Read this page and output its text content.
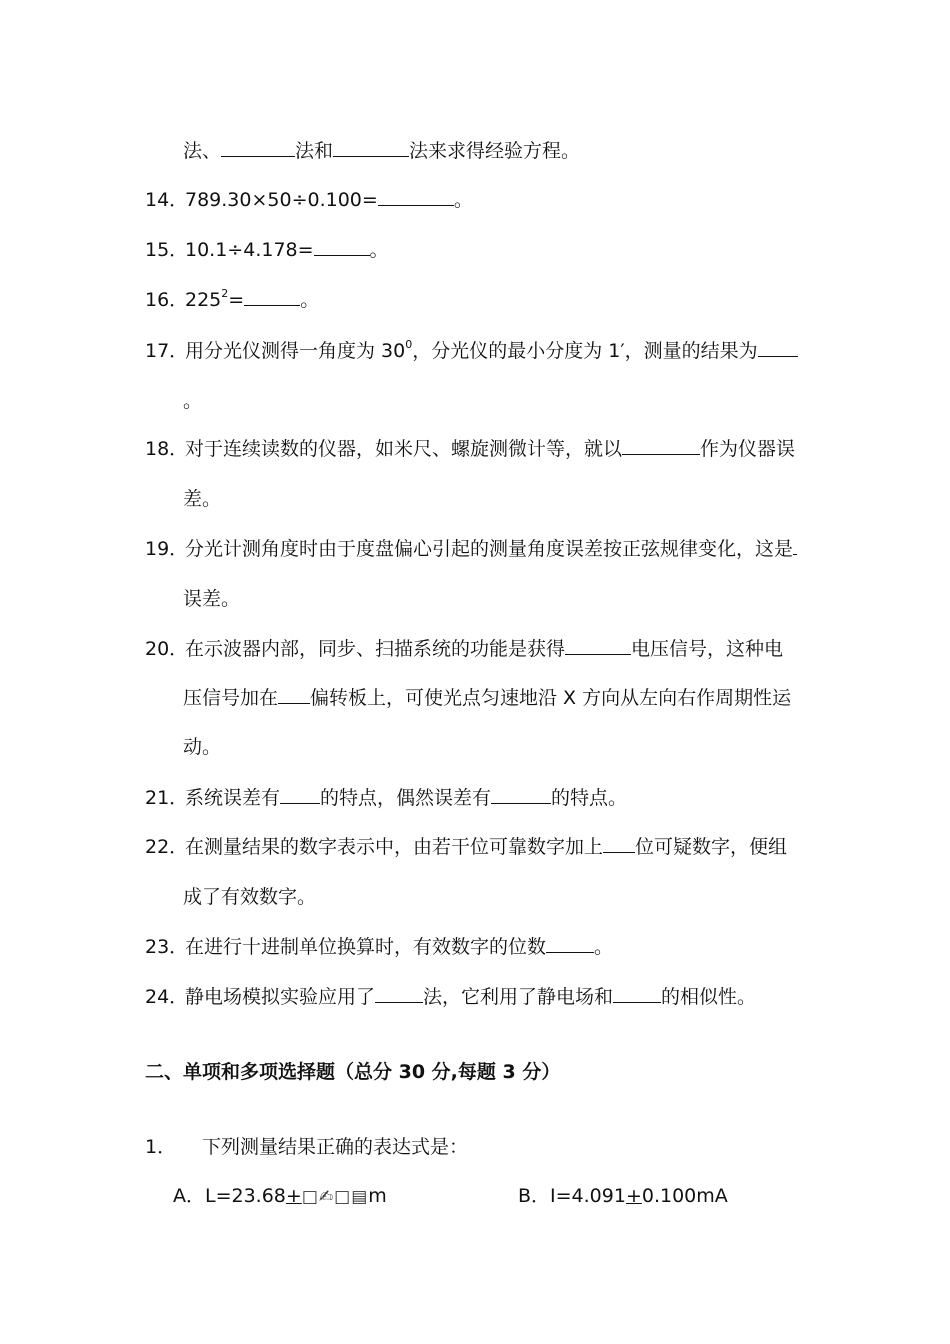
法、	法和	法来求得经验方程。
14．789.30×50÷0.100=	。
15．10.1÷4.178=	。
16．$225^2=$	。
17．用分光仪测得一角度为 $30^0$，分光仪的最小分度为 1′，测量的结果为
。
18．对于连续读数的仪器，如米尺、螺旋测微计等，就以	作为仪器误
差。
19．分光计测角度时由于度盘偏心引起的测量角度误差按正弦规律变化，这是
误差。
20．在示波器内部，同步、扫描系统的功能是获得	电压信号，这种电
压信号加在 偏转板上，可使光点匀速地沿 X 方向从左向右作周期性运
动。
21．系统误差有 的特点，偶然误差有	的特点。
22．在测量结果的数字表示中，由若干位可靠数字加上 位可疑数字，便组
成了有效数字。
23．在进行十进制单位换算时，有效数字的位数	。
24．静电场模拟实验应用了	法，它利用了静电场和	的相似性。
二、单项和多项选择题（总分 30 分,每题 3 分）
1． 下列测量结果正确的表达式是：
A．L=23.68+□✍□▤m	B．I=4.091+0.100mA
